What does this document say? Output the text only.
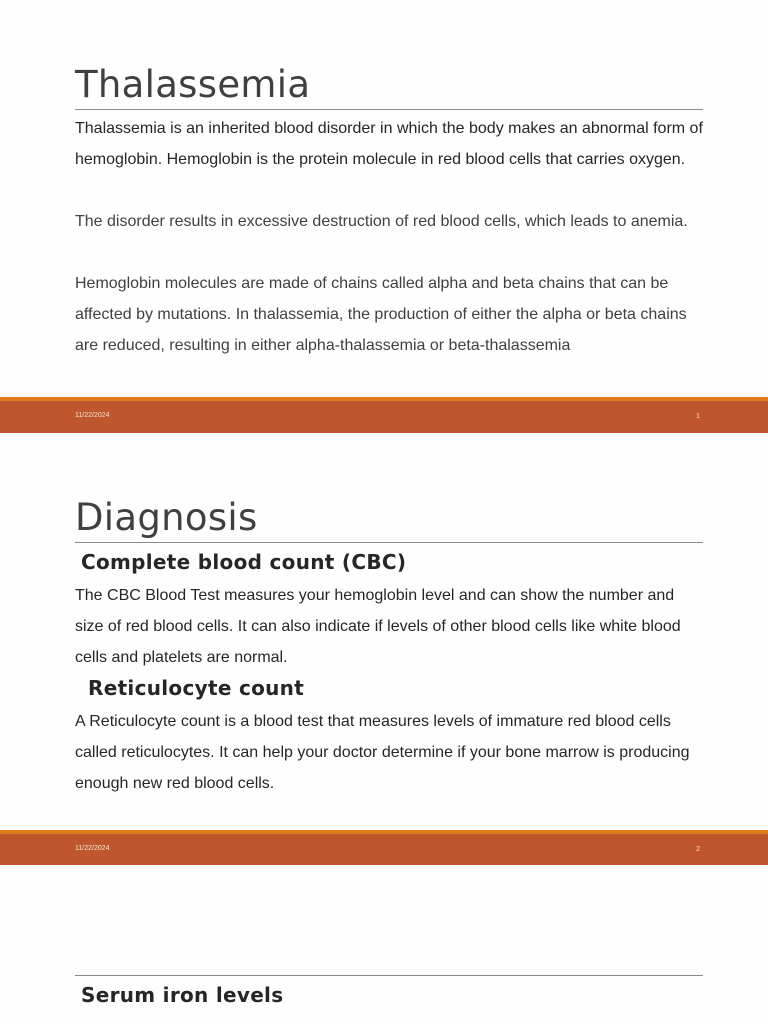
Thalassemia

Thalassemia is an inherited blood disorder in which the body makes an abnormal form of hemoglobin. Hemoglobin is the protein molecule in red blood cells that carries oxygen.

The disorder results in excessive destruction of red blood cells, which leads to anemia.

Hemoglobin molecules are made of chains called alpha and beta chains that can be affected by mutations. In thalassemia, the production of either the alpha or beta chains are reduced, resulting in either alpha-thalassemia or beta-thalassemia

11/22/2024	1
Diagnosis
Complete blood count (CBC)

The CBC Blood Test measures your hemoglobin level and can show the number and size of red blood cells. It can also indicate if levels of other blood cells like white blood cells and platelets are normal.

Reticulocyte count

A Reticulocyte count is a blood test that measures levels of immature red blood cells called reticulocytes. It can help your doctor determine if your bone marrow is producing enough new red blood cells.

11/22/2024	2
Serum iron levels
